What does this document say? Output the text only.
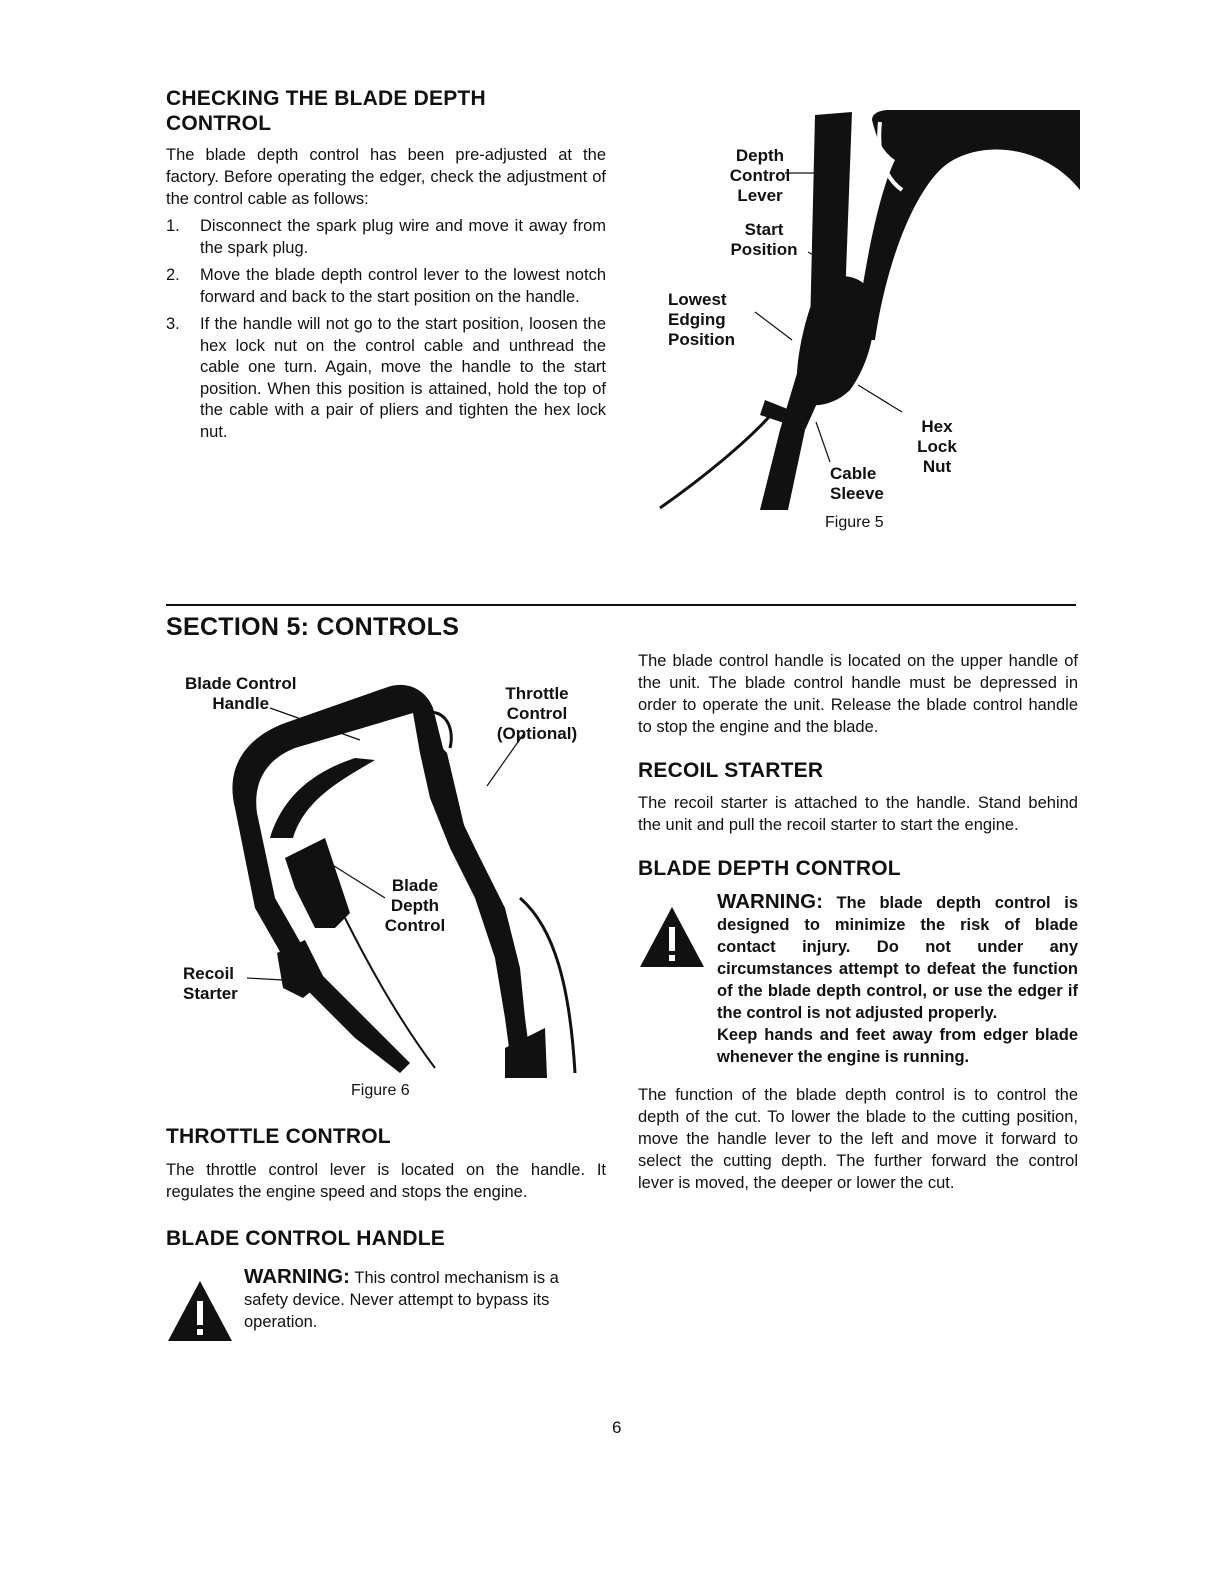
CHECKING THE BLADE DEPTH
CONTROL

The blade depth control has been pre-adjusted at the factory. Before operating the edger, check the adjustment of the control cable as follows:

1. Disconnect the spark plug wire and move it away from the spark plug.
2. Move the blade depth control lever to the lowest notch forward and back to the start position on the handle.
3. If the handle will not go to the start position, loosen the hex lock nut on the control cable and unthread the cable one turn. Again, move the handle to the start position. When this position is attained, hold the top of the cable with a pair of pliers and tighten the hex lock nut.
Depth
Control
Lever
Start
Position
Lowest
Edging
Position
Hex
Lock
Nut
Cable
Sleeve
Figure 5
SECTION 5: CONTROLS
Blade Control
Handle
Throttle
Control
(Optional)
Blade
Depth
Control
Recoil
Starter
Figure 6
THROTTLE CONTROL

The throttle control lever is located on the handle. It regulates the engine speed and stops the engine.

BLADE CONTROL HANDLE
WARNING: This control mechanism is a safety device. Never attempt to bypass its operation.

The blade control handle is located on the upper handle of the unit. The blade control handle must be depressed in order to operate the unit. Release the blade control handle to stop the engine and the blade.

RECOIL STARTER

The recoil starter is attached to the handle. Stand behind the unit and pull the recoil starter to start the engine.

BLADE DEPTH CONTROL

WARNING: The blade depth control is designed to minimize the risk of blade contact injury. Do not under any circumstances attempt to defeat the function of the blade depth control, or use the edger if the control is not adjusted properly.

Keep hands and feet away from edger blade whenever the engine is running.

The function of the blade depth control is to control the depth of the cut. To lower the blade to the cutting position, move the handle lever to the left and move it forward to select the cutting depth. The further forward the control lever is moved, the deeper or lower the cut.

6
